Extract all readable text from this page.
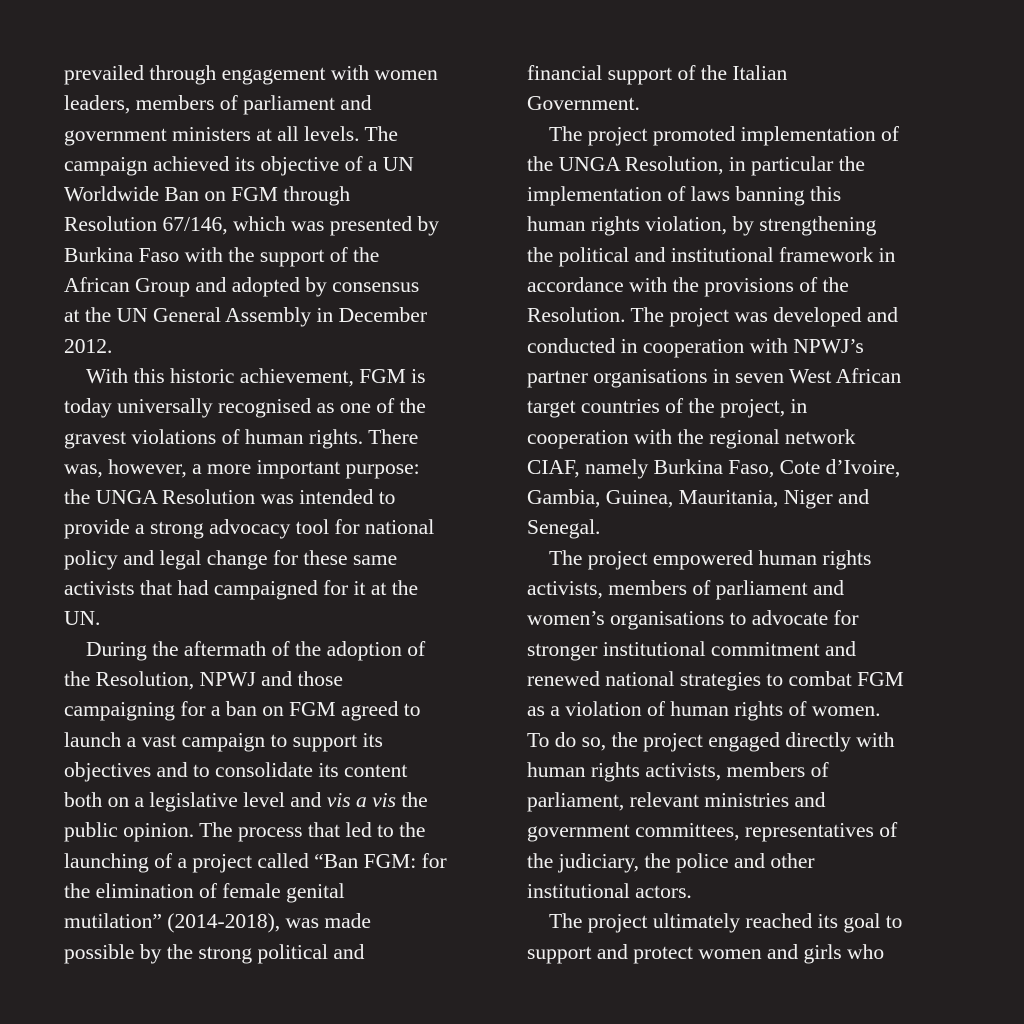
prevailed through engagement with women
leaders, members of parliament and
government ministers at all levels. The
campaign achieved its objective of a UN
Worldwide Ban on FGM through
Resolution 67/146, which was presented by
Burkina Faso with the support of the
African Group and adopted by consensus
at the UN General Assembly in December
2012.
With this historic achievement, FGM is
today universally recognised as one of the
gravest violations of human rights. There
was, however, a more important purpose:
the UNGA Resolution was intended to
provide a strong advocacy tool for national
policy and legal change for these same
activists that had campaigned for it at the
UN.
During the aftermath of the adoption of
the Resolution, NPWJ and those
campaigning for a ban on FGM agreed to
launch a vast campaign to support its
objectives and to consolidate its content
both on a legislative level and vis a vis the
public opinion. The process that led to the
launching of a project called “Ban FGM: for
the elimination of female genital
mutilation” (2014-2018), was made
possible by the strong political and
financial support of the Italian
Government.
The project promoted implementation of
the UNGA Resolution, in particular the
implementation of laws banning this
human rights violation, by strengthening
the political and institutional framework in
accordance with the provisions of the
Resolution. The project was developed and
conducted in cooperation with NPWJ’s
partner organisations in seven West African
target countries of the project, in
cooperation with the regional network
CIAF, namely Burkina Faso, Cote d’Ivoire,
Gambia, Guinea, Mauritania, Niger and
Senegal.
The project empowered human rights
activists, members of parliament and
women’s organisations to advocate for
stronger institutional commitment and
renewed national strategies to combat FGM
as a violation of human rights of women.
To do so, the project engaged directly with
human rights activists, members of
parliament, relevant ministries and
government committees, representatives of
the judiciary, the police and other
institutional actors.
The project ultimately reached its goal to
support and protect women and girls who
